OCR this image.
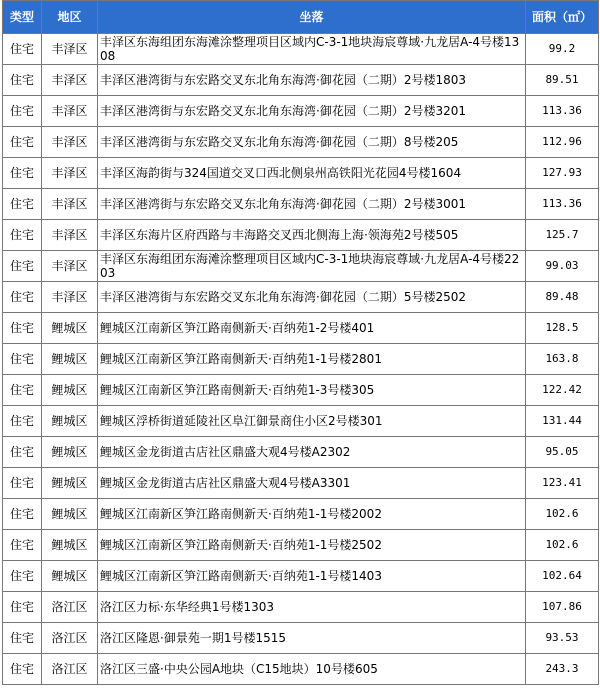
类型	地区	坐落	面积（㎡）
住宅	丰泽区	丰泽区东海组团东海滩涂整理项目区域内C-3-1地块海宸尊域·九龙居A-4号楼1308	99.2
住宅	丰泽区	丰泽区港湾街与东宏路交叉东北角东海湾·御花园（二期）2号楼1803	89.51
住宅	丰泽区	丰泽区港湾街与东宏路交叉东北角东海湾·御花园（二期）2号楼3201	113.36
住宅	丰泽区	丰泽区港湾街与东宏路交叉东北角东海湾·御花园（二期）8号楼205	112.96
住宅	丰泽区	丰泽区海韵街与324国道交叉口西北侧泉州高铁阳光花园4号楼1604	127.93
住宅	丰泽区	丰泽区港湾街与东宏路交叉东北角东海湾·御花园（二期）2号楼3001	113.36
住宅	丰泽区	丰泽区东海片区府西路与丰海路交叉西北侧海上海·领海苑2号楼505	125.7
住宅	丰泽区	丰泽区东海组团东海滩涂整理项目区域内C-3-1地块海宸尊域·九龙居A-4号楼2203	99.03
住宅	丰泽区	丰泽区港湾街与东宏路交叉东北角东海湾·御花园（二期）5号楼2502	89.48
住宅	鲤城区	鲤城区江南新区笋江路南侧新天·百纳苑1-2号楼401	128.5
住宅	鲤城区	鲤城区江南新区笋江路南侧新天·百纳苑1-1号楼2801	163.8
住宅	鲤城区	鲤城区江南新区笋江路南侧新天·百纳苑1-3号楼305	122.42
住宅	鲤城区	鲤城区浮桥街道延陵社区阜江御景商住小区2号楼301	131.44
住宅	鲤城区	鲤城区金龙街道古店社区鼎盛大观4号楼A2302	95.05
住宅	鲤城区	鲤城区金龙街道古店社区鼎盛大观4号楼A3301	123.41
住宅	鲤城区	鲤城区江南新区笋江路南侧新天·百纳苑1-1号楼2002	102.6
住宅	鲤城区	鲤城区江南新区笋江路南侧新天·百纳苑1-1号楼2502	102.6
住宅	鲤城区	鲤城区江南新区笋江路南侧新天·百纳苑1-1号楼1403	102.64
住宅	洛江区	洛江区力标·东华经典1号楼1303	107.86
住宅	洛江区	洛江区隆恩·御景苑一期1号楼1515	93.53
住宅	洛江区	洛江区三盛·中央公园A地块（C15地块）10号楼605	243.3
